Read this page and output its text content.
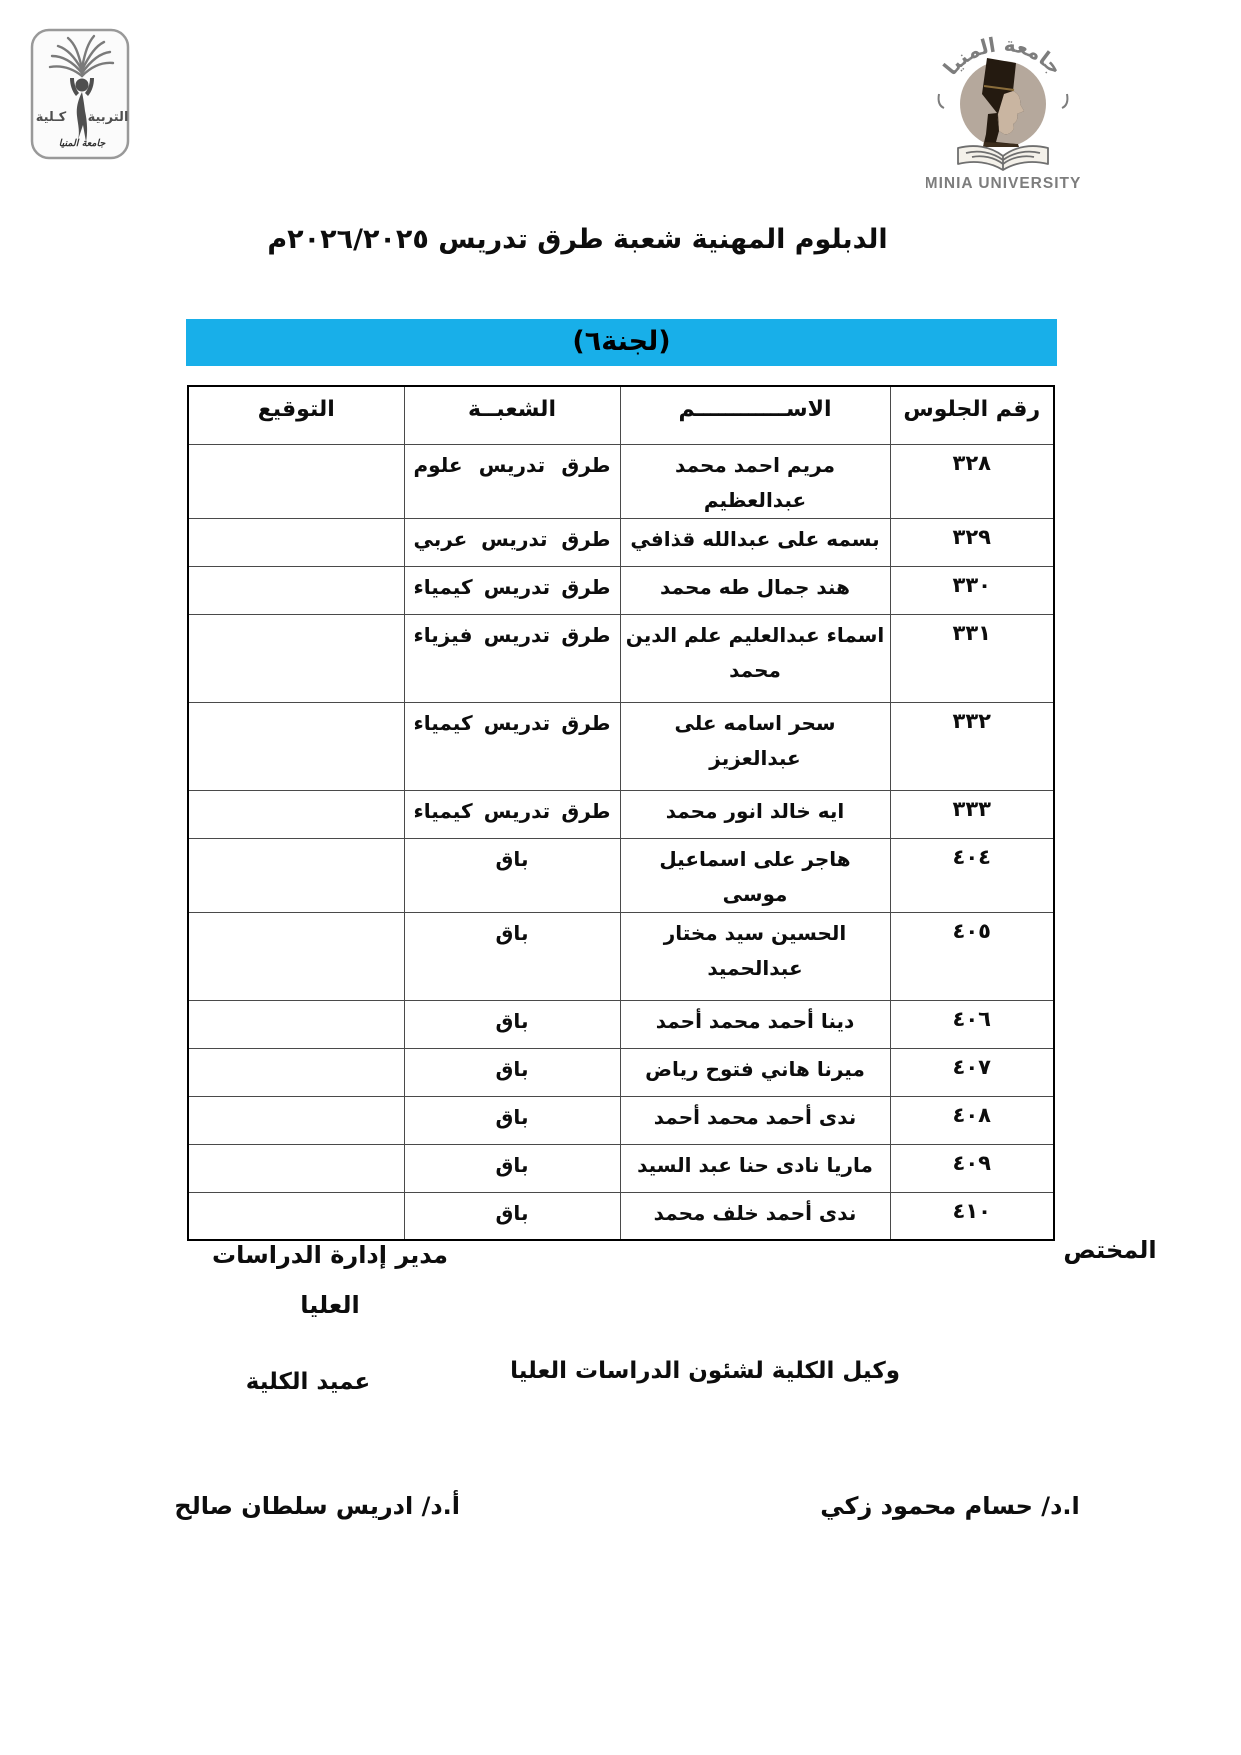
كـلية التربية
جامعة المنيا
جامعة المنيا
MINIA UNIVERSITY
الدبلوم المهنية شعبة طرق تدريس ٢٠٢٦/٢٠٢٥م
(لجنة٦)
رقم الجلوس	الاســــــــــــم	الشعبــة	التوقيع
٣٢٨	مريم احمد محمد عبدالعظيم	طرق تدريس علوم	
٣٢٩	بسمه على عبدالله قذافي	طرق تدريس عربي	
٣٣٠	هند جمال طه محمد	طرق تدريس كيمياء	
٣٣١	اسماء عبدالعليم علم الدين محمد	طرق تدريس فيزياء	
٣٣٢	سحر اسامه على عبدالعزيز	طرق تدريس كيمياء	
٣٣٣	ايه خالد انور محمد	طرق تدريس كيمياء	
٤٠٤	هاجر على اسماعيل موسى	باق	
٤٠٥	الحسين سيد مختار عبدالحميد	باق	
٤٠٦	دينا أحمد محمد أحمد	باق	
٤٠٧	ميرنا هاني فتوح رياض	باق	
٤٠٨	ندى أحمد محمد أحمد	باق	
٤٠٩	ماريا نادى حنا عبد السيد	باق	
٤١٠	ندى أحمد خلف محمد	باق	
المختص
مدير إدارة الدراسات العليا
وكيل الكلية لشئون الدراسات العليا
عميد الكلية
ا.د/ حسام محمود زكي
أ.د/ ادريس سلطان صالح
